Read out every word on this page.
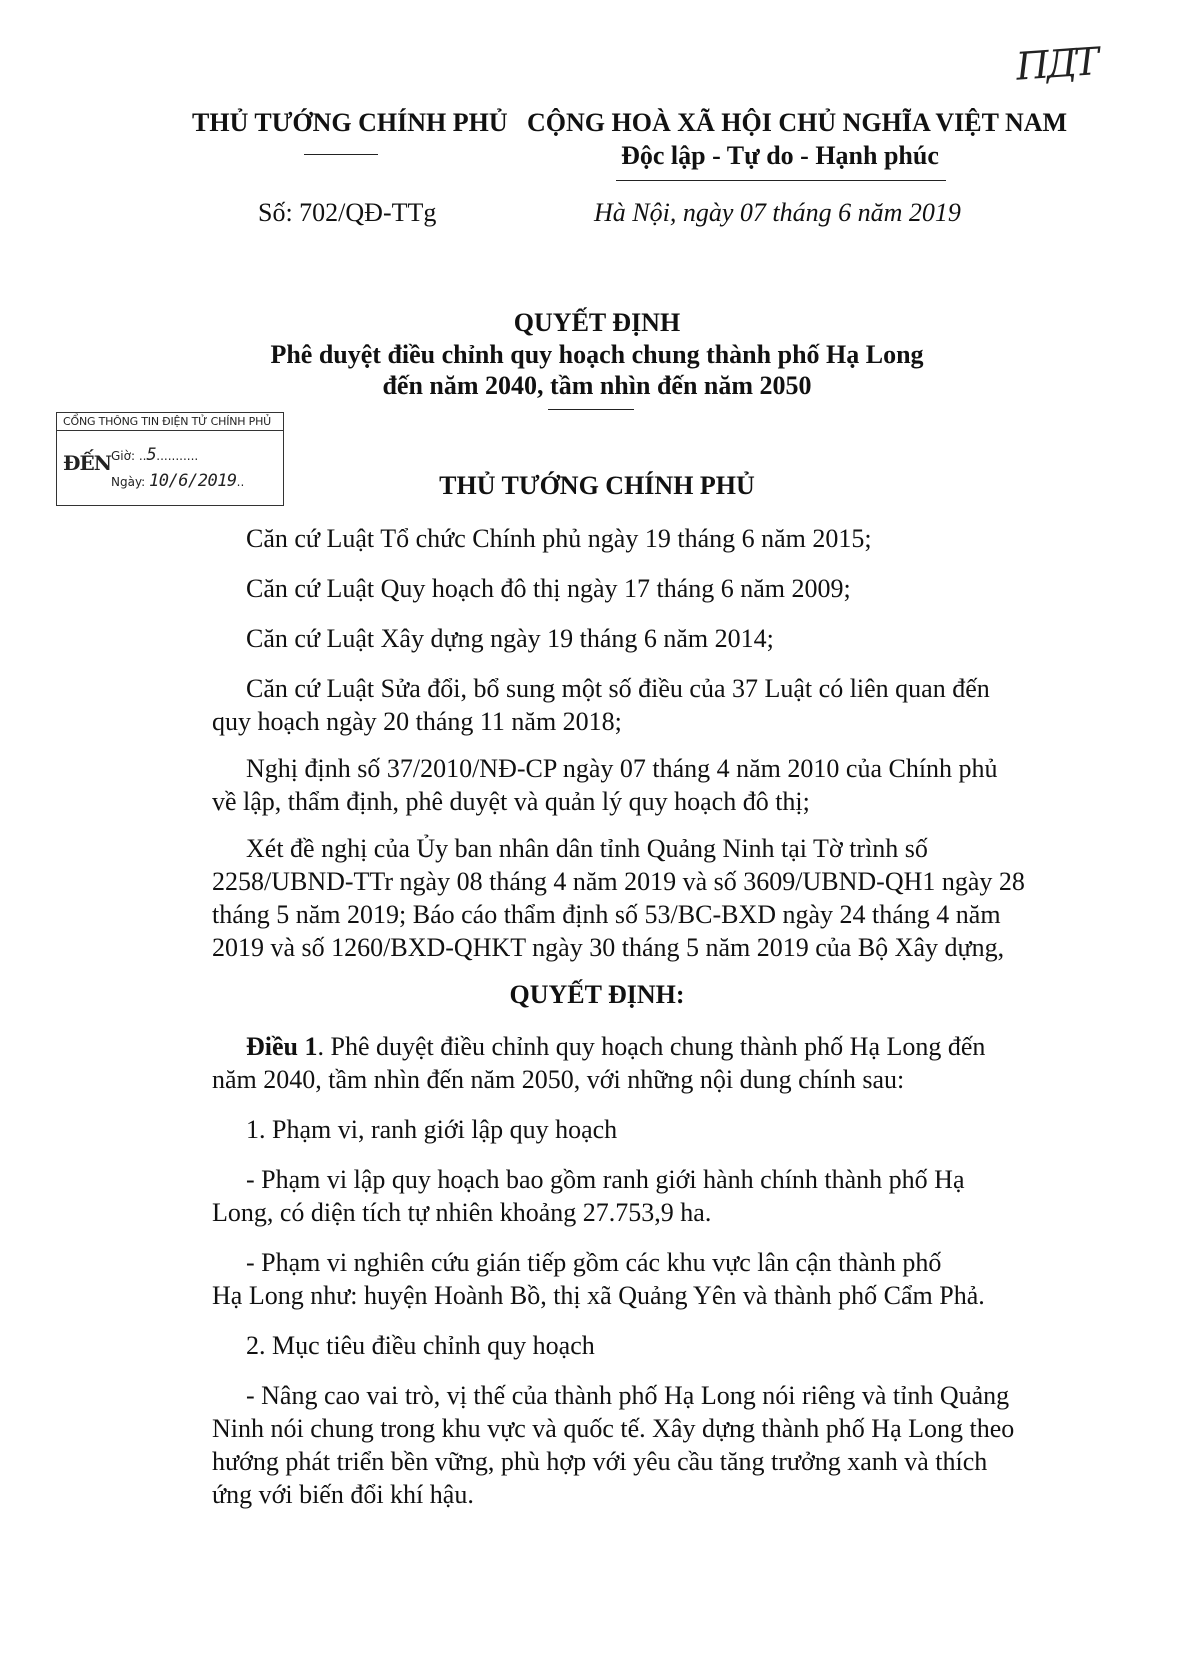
ПДТ
THỦ TƯỚNG CHÍNH PHỦ CỘNG HOÀ XÃ HỘI CHỦ NGHĨA VIỆT NAM
Độc lập - Tự do - Hạnh phúc
Số: 702/QĐ-TTg	Hà Nội, ngày 07 tháng 6 năm 2019
QUYẾT ĐỊNH
Phê duyệt điều chỉnh quy hoạch chung thành phố Hạ Long
đến năm 2040, tầm nhìn đến năm 2050
CỔNG THÔNG TIN ĐIỆN TỬ CHÍNH PHỦ
ĐẾN Giờ: ..5...........
Ngày: 10/6/2019..	THỦ TƯỚNG CHÍNH PHỦ
Căn cứ Luật Tổ chức Chính phủ ngày 19 tháng 6 năm 2015;
Căn cứ Luật Quy hoạch đô thị ngày 17 tháng 6 năm 2009;
Căn cứ Luật Xây dựng ngày 19 tháng 6 năm 2014;
Căn cứ Luật Sửa đổi, bổ sung một số điều của 37 Luật có liên quan đến
quy hoạch ngày 20 tháng 11 năm 2018;
Nghị định số 37/2010/NĐ-CP ngày 07 tháng 4 năm 2010 của Chính phủ
về lập, thẩm định, phê duyệt và quản lý quy hoạch đô thị;
Xét đề nghị của Ủy ban nhân dân tỉnh Quảng Ninh tại Tờ trình số
2258/UBND-TTr ngày 08 tháng 4 năm 2019 và số 3609/UBND-QH1 ngày 28
tháng 5 năm 2019; Báo cáo thẩm định số 53/BC-BXD ngày 24 tháng 4 năm
2019 và số 1260/BXD-QHKT ngày 30 tháng 5 năm 2019 của Bộ Xây dựng,
QUYẾT ĐỊNH:
Điều 1. Phê duyệt điều chỉnh quy hoạch chung thành phố Hạ Long đến
năm 2040, tầm nhìn đến năm 2050, với những nội dung chính sau:
1. Phạm vi, ranh giới lập quy hoạch
- Phạm vi lập quy hoạch bao gồm ranh giới hành chính thành phố Hạ
Long, có diện tích tự nhiên khoảng 27.753,9 ha.
- Phạm vi nghiên cứu gián tiếp gồm các khu vực lân cận thành phố
Hạ Long như: huyện Hoành Bồ, thị xã Quảng Yên và thành phố Cẩm Phả.
2. Mục tiêu điều chỉnh quy hoạch
- Nâng cao vai trò, vị thế của thành phố Hạ Long nói riêng và tỉnh Quảng
Ninh nói chung trong khu vực và quốc tế. Xây dựng thành phố Hạ Long theo
hướng phát triển bền vững, phù hợp với yêu cầu tăng trưởng xanh và thích
ứng với biến đổi khí hậu.
